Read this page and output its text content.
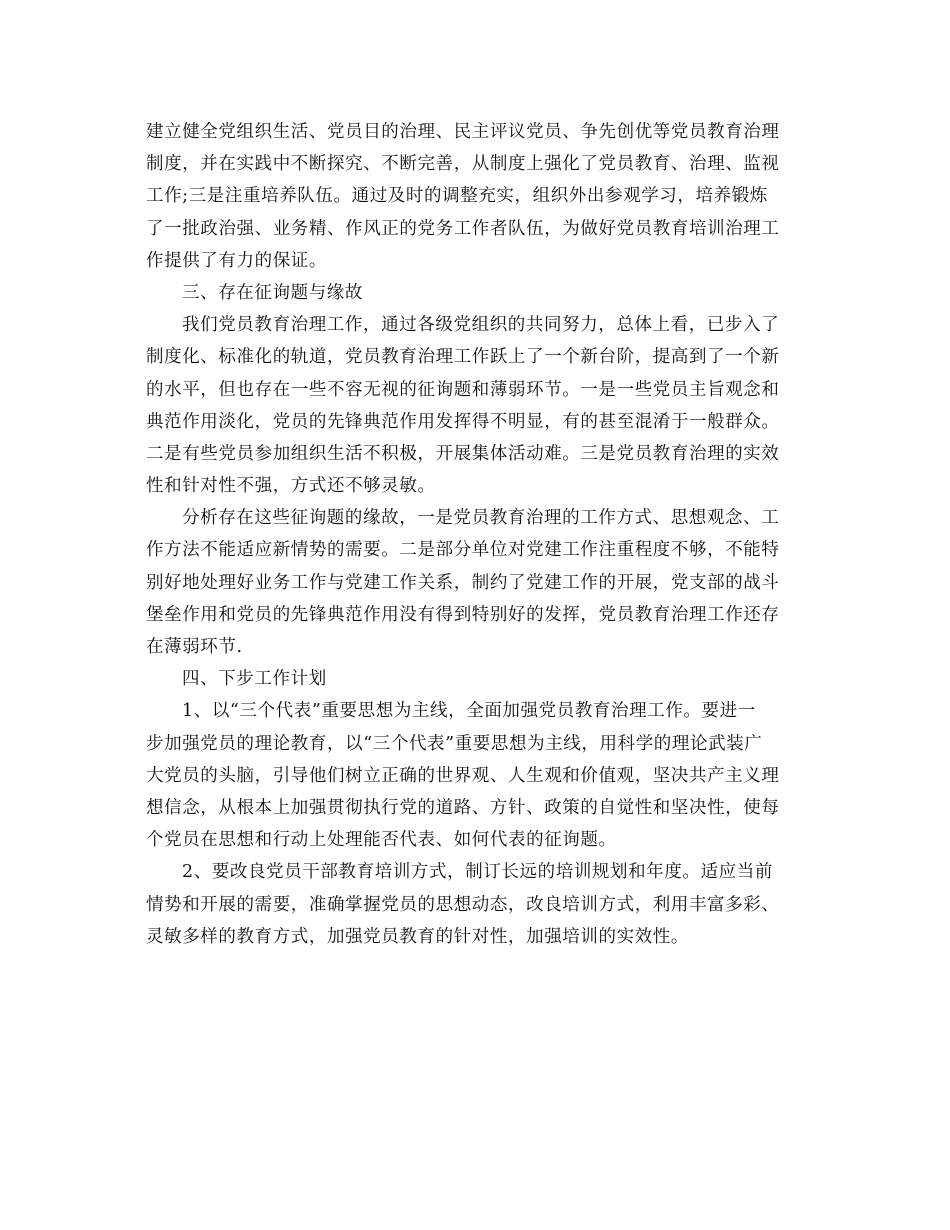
建立健全党组织生活、党员目的治理、民主评议党员、争先创优等党员教育治理
制度，并在实践中不断探究、不断完善，从制度上强化了党员教育、治理、监视
工作;三是注重培养队伍。通过及时的调整充实，组织外出参观学习，培养锻炼
了一批政治强、业务精、作风正的党务工作者队伍，为做好党员教育培训治理工
作提供了有力的保证。
三、存在征询题与缘故
我们党员教育治理工作，通过各级党组织的共同努力，总体上看，已步入了
制度化、标准化的轨道，党员教育治理工作跃上了一个新台阶，提高到了一个新
的水平，但也存在一些不容无视的征询题和薄弱环节。一是一些党员主旨观念和
典范作用淡化，党员的先锋典范作用发挥得不明显，有的甚至混淆于一般群众。
二是有些党员参加组织生活不积极，开展集体活动难。三是党员教育治理的实效
性和针对性不强，方式还不够灵敏。
分析存在这些征询题的缘故，一是党员教育治理的工作方式、思想观念、工
作方法不能适应新情势的需要。二是部分单位对党建工作注重程度不够，不能特
别好地处理好业务工作与党建工作关系，制约了党建工作的开展，党支部的战斗
堡垒作用和党员的先锋典范作用没有得到特别好的发挥，党员教育治理工作还存
在薄弱环节.
四、下步工作计划
1、以“三个代表”重要思想为主线，全面加强党员教育治理工作。要进一
步加强党员的理论教育，以“三个代表”重要思想为主线，用科学的理论武装广
大党员的头脑，引导他们树立正确的世界观、人生观和价值观，坚决共产主义理
想信念，从根本上加强贯彻执行党的道路、方针、政策的自觉性和坚决性，使每
个党员在思想和行动上处理能否代表、如何代表的征询题。
2、要改良党员干部教育培训方式，制订长远的培训规划和年度。适应当前
情势和开展的需要，准确掌握党员的思想动态，改良培训方式，利用丰富多彩、
灵敏多样的教育方式，加强党员教育的针对性，加强培训的实效性。
